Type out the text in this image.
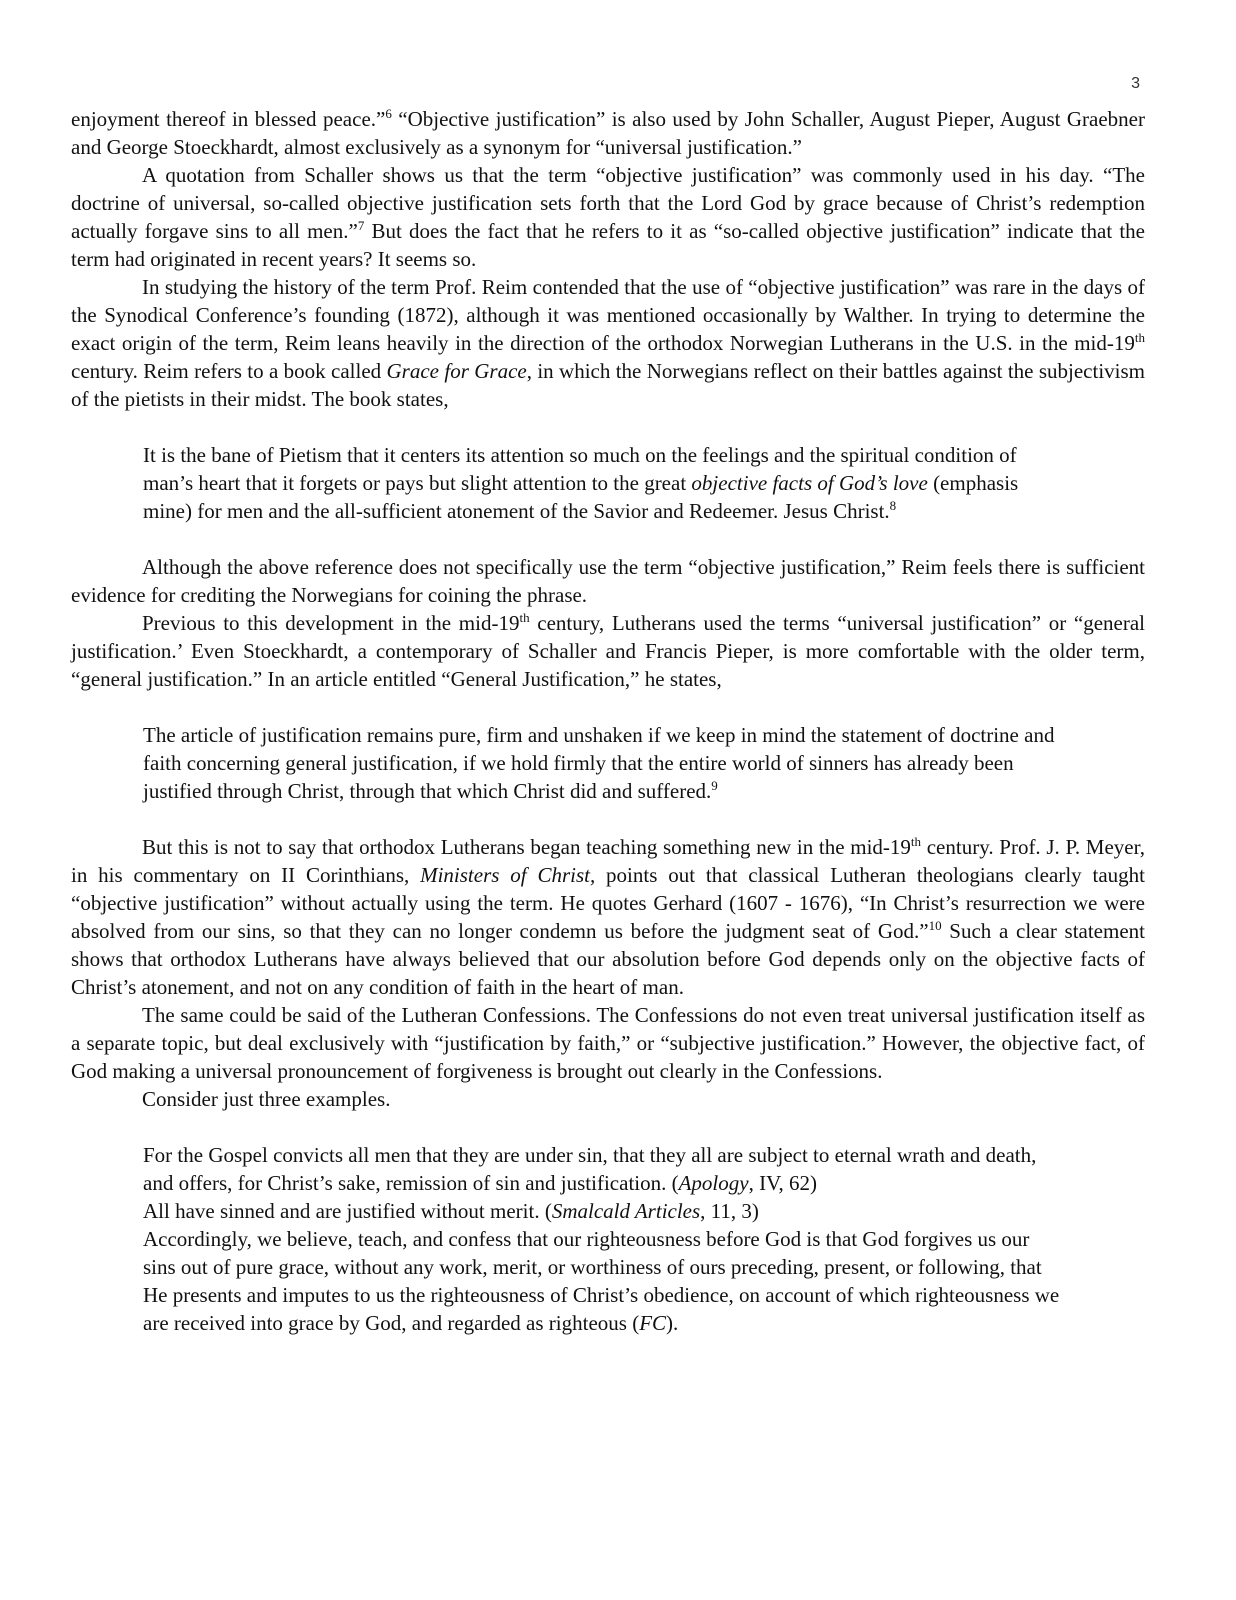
3

enjoyment thereof in blessed peace.”$^6$ “Objective justification” is also used by John Schaller, August Pieper, August Graebner and George Stoeckhardt, almost exclusively as a synonym for “universal justification.”

A quotation from Schaller shows us that the term “objective justification” was commonly used in his day. “The doctrine of universal, so-called objective justification sets forth that the Lord God by grace because of Christ’s redemption actually forgave sins to all men.”$^7$ But does the fact that he refers to it as “so-called objective justification” indicate that the term had originated in recent years? It seems so.

In studying the history of the term Prof. Reim contended that the use of “objective justification” was rare in the days of the Synodical Conference’s founding (1872), although it was mentioned occasionally by Walther. In trying to determine the exact origin of the term, Reim leans heavily in the direction of the orthodox Norwegian Lutherans in the U.S. in the mid-19th century. Reim refers to a book called Grace for Grace, in which the Norwegians reflect on their battles against the subjectivism of the pietists in their midst. The book states,

It is the bane of Pietism that it centers its attention so much on the feelings and the spiritual condition of man’s heart that it forgets or pays but slight attention to the great objective facts of God’s love (emphasis mine) for men and the all-sufficient atonement of the Savior and Redeemer. Jesus Christ.$^8$

Although the above reference does not specifically use the term “objective justification,” Reim feels there is sufficient evidence for crediting the Norwegians for coining the phrase.

Previous to this development in the mid-19th century, Lutherans used the terms “universal justification” or “general justification.’ Even Stoeckhardt, a contemporary of Schaller and Francis Pieper, is more comfortable with the older term, “general justification.” In an article entitled “General Justification,” he states,

The article of justification remains pure, firm and unshaken if we keep in mind the statement of doctrine and faith concerning general justification, if we hold firmly that the entire world of sinners has already been justified through Christ, through that which Christ did and suffered.$^9$

But this is not to say that orthodox Lutherans began teaching something new in the mid-19th century. Prof. J. P. Meyer, in his commentary on II Corinthians, Ministers of Christ, points out that classical Lutheran theologians clearly taught “objective justification” without actually using the term. He quotes Gerhard (1607 - 1676), “In Christ’s resurrection we were absolved from our sins, so that they can no longer condemn us before the judgment seat of God.”$^{10}$ Such a clear statement shows that orthodox Lutherans have always believed that our absolution before God depends only on the objective facts of Christ’s atonement, and not on any condition of faith in the heart of man.

The same could be said of the Lutheran Confessions. The Confessions do not even treat universal justification itself as a separate topic, but deal exclusively with “justification by faith,” or “subjective justification.” However, the objective fact, of God making a universal pronouncement of forgiveness is brought out clearly in the Confessions.

Consider just three examples.

For the Gospel convicts all men that they are under sin, that they all are subject to eternal wrath and death, and offers, for Christ’s sake, remission of sin and justification. (Apology, IV, 62)

All have sinned and are justified without merit. (Smalcald Articles, 11, 3)

Accordingly, we believe, teach, and confess that our righteousness before God is that God forgives us our sins out of pure grace, without any work, merit, or worthiness of ours preceding, present, or following, that He presents and imputes to us the righteousness of Christ’s obedience, on account of which righteousness we are received into grace by God, and regarded as righteous (FC).
